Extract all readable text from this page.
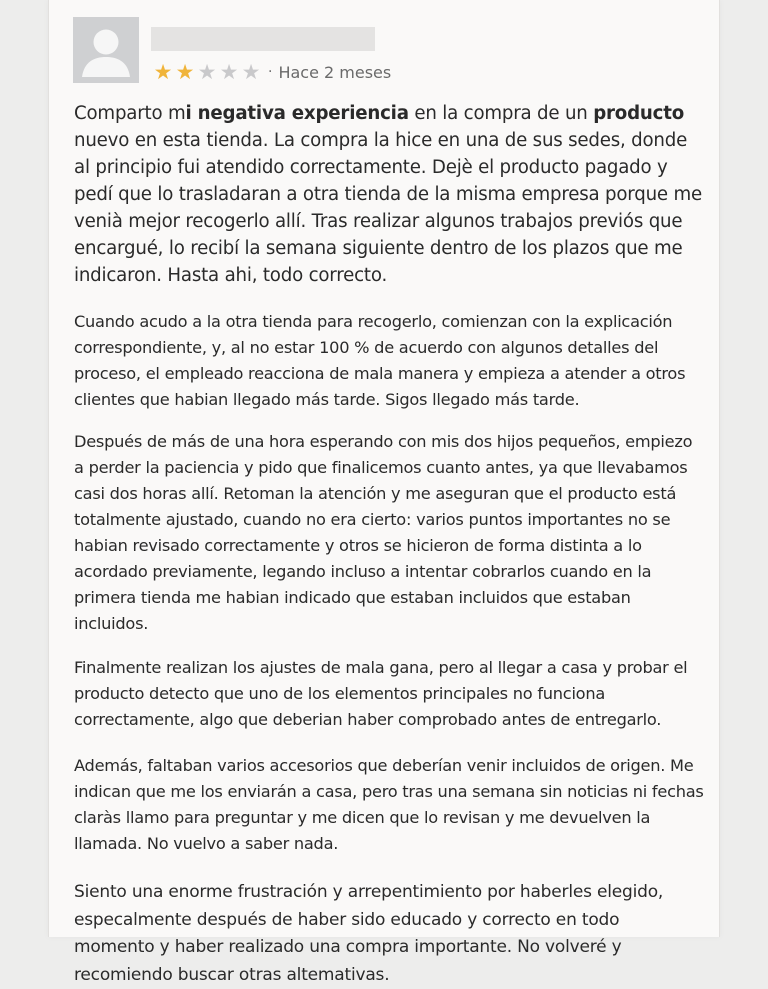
★ ★ ★ ★ ★ · Hace 2 meses

Comparto mi negativa experiencia en la compra de un producto nuevo en esta tienda. La compra la hice en una de sus sedes, donde al principio fui atendido correctamente. Dejè el producto pagado y pedí que lo trasladaran a otra tienda de la misma empresa porque me venià mejor recogerlo allí. Tras realizar algunos trabajos previós que encargué, lo recibí la semana siguiente dentro de los plazos que me indicaron. Hasta ahi, todo correcto.

Cuando acudo a la otra tienda para recogerlo, comienzan con la explicación correspondiente, y, al no estar 100 % de acuerdo con algunos detalles del proceso, el empleado reacciona de mala manera y empieza a atender a otros clientes que habian llegado más tarde. Sigos llegado más tarde.

Después de más de una hora esperando con mis dos hijos pequeños, empiezo a perder la paciencia y pido que finalicemos cuanto antes, ya que llevabamos casi dos horas allí. Retoman la atención y me aseguran que el producto está totalmente ajustado, cuando no era cierto: varios puntos importantes no se habian revisado correctamente y otros se hicieron de forma distinta a lo acordado previamente, legando incluso a intentar cobrarlos cuando en la primera tienda me habian indicado que estaban incluidos que estaban incluidos.

Finalmente realizan los ajustes de mala gana, pero al llegar a casa y probar el producto detecto que uno de los elementos principales no funciona correctamente, algo que deberian haber comprobado antes de entregarlo.

Además, faltaban varios accesorios que deberían venir incluidos de origen. Me indican que me los enviarán a casa, pero tras una semana sin noticias ni fechas claràs llamo para preguntar y me dicen que lo revisan y me devuelven la llamada. No vuelvo a saber nada.

Siento una enorme frustración y arrepentimiento por haberles elegido, especalmente después de haber sido educado y correcto en todo momento y haber realizado una compra importante. No volveré y recomiendo buscar otras altemativas.
